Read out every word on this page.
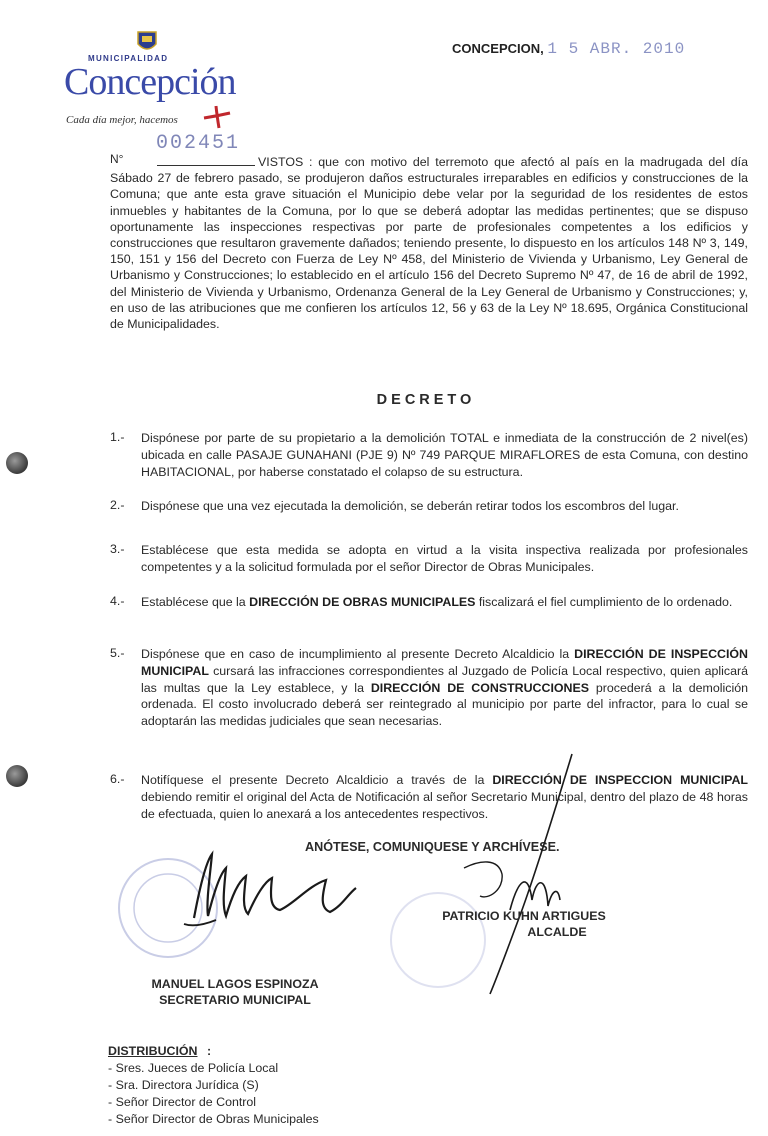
MUNICIPALIDAD
Concepción
Cada día mejor, hacemos
CONCEPCION, 1 5 ABR. 2010
N°
002451
VISTOS : que con motivo del terremoto que afectó al país en la madrugada del día Sábado 27 de febrero pasado, se produjeron daños estructurales irreparables en edificios y construcciones de la Comuna; que ante esta grave situación el Municipio debe velar por la seguridad de los residentes de estos inmuebles y habitantes de la Comuna, por lo que se deberá adoptar las medidas pertinentes; que se dispuso oportunamente las inspecciones respectivas por parte de profesionales competentes a los edificios y construcciones que resultaron gravemente dañados; teniendo presente, lo dispuesto en los artículos 148 Nº 3, 149, 150, 151 y 156 del Decreto con Fuerza de Ley Nº 458, del Ministerio de Vivienda y Urbanismo, Ley General de Urbanismo y Construcciones; lo establecido en el artículo 156 del Decreto Supremo Nº 47, de 16 de abril de 1992, del Ministerio de Vivienda y Urbanismo, Ordenanza General de la Ley General de Urbanismo y Construcciones; y, en uso de las atribuciones que me confieren los artículos 12, 56 y 63 de la Ley Nº 18.695, Orgánica Constitucional de Municipalidades.
DECRETO
1.- Dispónese por parte de su propietario a la demolición TOTAL e inmediata de la construcción de 2 nivel(es) ubicada en calle PASAJE GUNAHANI (PJE 9) Nº 749 PARQUE MIRAFLORES de esta Comuna, con destino HABITACIONAL, por haberse constatado el colapso de su estructura.
2.- Dispónese que una vez ejecutada la demolición, se deberán retirar todos los escombros del lugar.
3.- Establécese que esta medida se adopta en virtud a la visita inspectiva realizada por profesionales competentes y a la solicitud formulada por el señor Director de Obras Municipales.
4.- Establécese que la DIRECCIÓN DE OBRAS MUNICIPALES fiscalizará el fiel cumplimiento de lo ordenado.
5.- Dispónese que en caso de incumplimiento al presente Decreto Alcaldicio la DIRECCIÓN DE INSPECCIÓN MUNICIPAL cursará las infracciones correspondientes al Juzgado de Policía Local respectivo, quien aplicará las multas que la Ley establece, y la DIRECCIÓN DE CONSTRUCCIONES procederá a la demolición ordenada. El costo involucrado deberá ser reintegrado al municipio por parte del infractor, para lo cual se adoptarán las medidas judiciales que sean necesarias.
6.- Notifíquese el presente Decreto Alcaldicio a través de la DIRECCIÓN DE INSPECCION MUNICIPAL debiendo remitir el original del Acta de Notificación al señor Secretario Municipal, dentro del plazo de 48 horas de efectuada, quien lo anexará a los antecedentes respectivos.
ANÓTESE, COMUNIQUESE Y ARCHÍVESE.
PATRICIO KUHN ARTIGUES
ALCALDE
MANUEL LAGOS ESPINOZA
SECRETARIO MUNICIPAL
DISTRIBUCIÓN :
- Sres. Jueces de Policía Local
- Sra. Directora Jurídica (S)
- Señor Director de Control
- Señor Director de Obras Municipales
